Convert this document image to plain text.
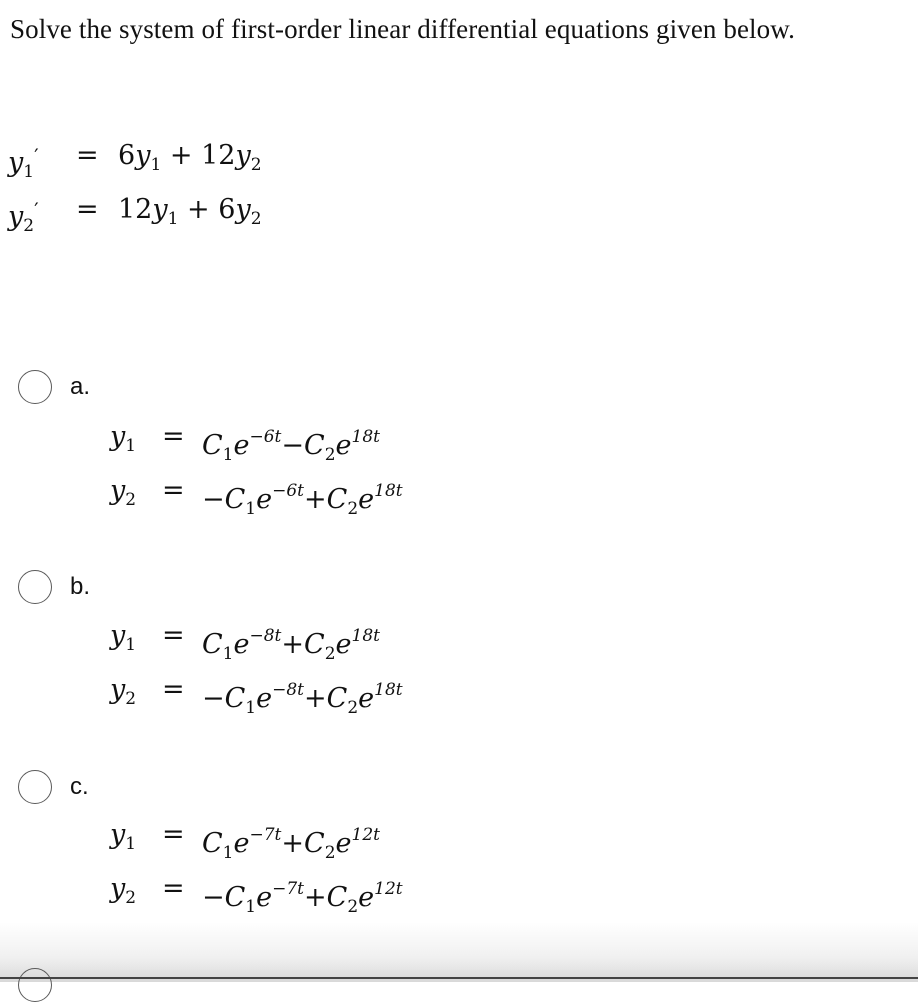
Solve the system of first-order linear differential equations given below.
$y_1' = 6y_1 + 12y_2$
$y_2' = 12y_1 + 6y_2$
a.
$y_1 = C_1e^{-6t}-C_2e^{18t}$
$y_2 = -C_1e^{-6t}+C_2e^{18t}$
b.
$y_1 = C_1e^{-8t}+C_2e^{18t}$
$y_2 = -C_1e^{-8t}+C_2e^{18t}$
c.
$y_1 = C_1e^{-7t}+C_2e^{12t}$
$y_2 = -C_1e^{-7t}+C_2e^{12t}$
